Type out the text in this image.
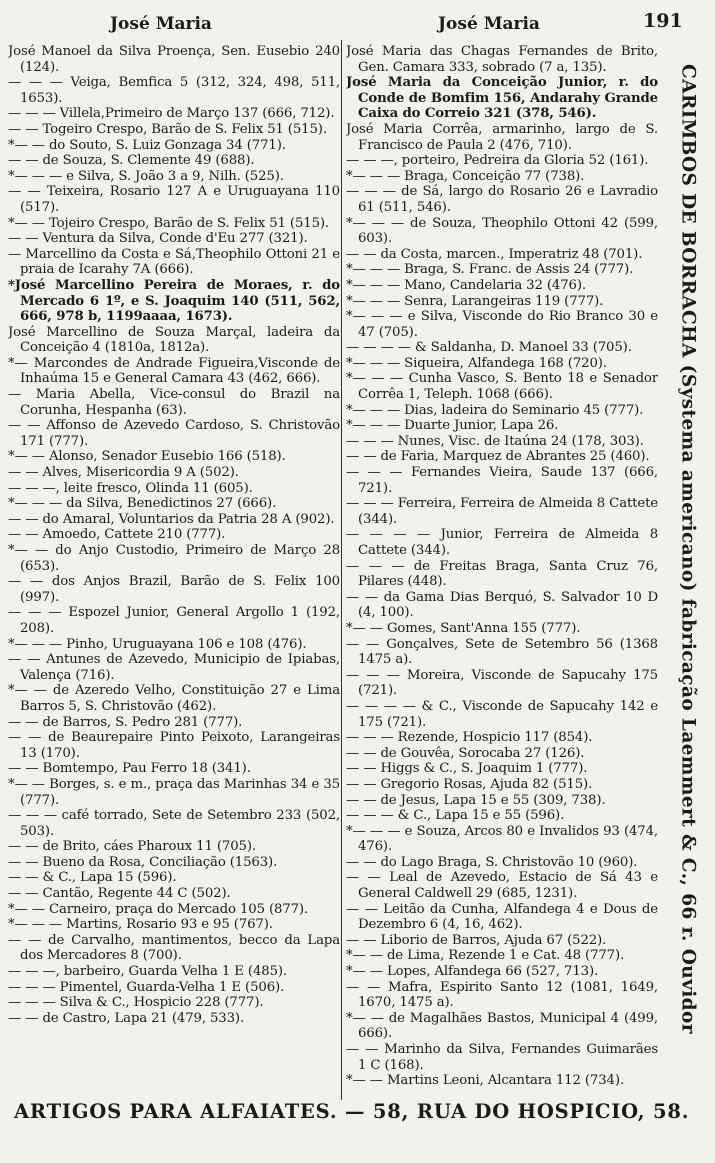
José Maria	José Maria	191

José Manoel da Silva Proença, Sen. Eusebio 240 (124).

— — — Veiga, Bemfica 5 (312, 324, 498, 511, 1653).

— — — Villela,Primeiro de Março 137 (666, 712).

— — Togeiro Crespo, Barão de S. Felix 51 (515).

*— — do Souto, S. Luiz Gonzaga 34 (771).

— — de Souza, S. Clemente 49 (688).

*— — — e Silva, S. João 3 a 9, Nilh. (525).

— — Teixeira, Rosario 127 A e Uruguayana 110 (517).

*— — Tojeiro Crespo, Barão de S. Felix 51 (515).

— — Ventura da Silva, Conde d'Eu 277 (321).

— Marcellino da Costa e Sá,Theophilo Ottoni 21 e praia de Icarahy 7A (666).

*José Marcellino Pereira de Moraes, r. do Mercado 6 1º, e S. Joaquim 140 (511, 562, 666, 978 b, 1199aaaa, 1673).

José Marcellino de Souza Marçal, ladeira da Conceição 4 (1810a, 1812a).

*— Marcondes de Andrade Figueira,Visconde de Inhaúma 15 e General Camara 43 (462, 666).

— Maria Abella, Vice-consul do Brazil na Corunha, Hespanha (63).

— — Affonso de Azevedo Cardoso, S. Christovão 171 (777).

*— — Alonso, Senador Eusebio 166 (518).

— — Alves, Misericordia 9 A (502).

— — —, leite fresco, Olinda 11 (605).

*— — — da Silva, Benedictinos 27 (666).

— — do Amaral, Voluntarios da Patria 28 A (902).

— — Amoedo, Cattete 210 (777).

*— — do Anjo Custodio, Primeiro de Março 28 (653).

— — dos Anjos Brazil, Barão de S. Felix 100 (997).

— — — Espozel Junior, General Argollo 1 (192, 208).

*— — — Pinho, Uruguayana 106 e 108 (476).

— — Antunes de Azevedo, Municipio de Ipiabas, Valença (716).

*— — de Azeredo Velho, Constituição 27 e Lima Barros 5, S. Christovão (462).

— — de Barros, S. Pedro 281 (777).

— — de Beaurepaire Pinto Peixoto, Larangeiras 13 (170).

— — Bomtempo, Pau Ferro 18 (341).

*— — Borges, s. e m., praça das Marinhas 34 e 35 (777).

— — — café torrado, Sete de Setembro 233 (502, 503).

— — de Brito, cáes Pharoux 11 (705).

— — Bueno da Rosa, Conciliação (1563).

— — & C., Lapa 15 (596).

— — Cantão, Regente 44 C (502).

*— — Carneiro, praça do Mercado 105 (877).

*— — — Martins, Rosario 93 e 95 (767).

— — de Carvalho, mantimentos, becco da Lapa dos Mercadores 8 (700).

— — —, barbeiro, Guarda Velha 1 E (485).

— — — Pimentel, Guarda-Velha 1 E (506).

— — — Silva & C., Hospicio 228 (777).

— — de Castro, Lapa 21 (479, 533).

José Maria das Chagas Fernandes de Brito, Gen. Camara 333, sobrado (7 a, 135).

José Maria da Conceição Junior, r. do Conde de Bomfim 156, Andarahy Grande Caixa do Correio 321 (378, 546).

José Maria Corrêa, armarinho, largo de S. Francisco de Paula 2 (476, 710).

— — —, porteiro, Pedreira da Gloria 52 (161).

*— — — Braga, Conceição 77 (738).

— — — de Sá, largo do Rosario 26 e Lavradio 61 (511, 546).

*— — — de Souza, Theophilo Ottoni 42 (599, 603).

— — da Costa, marcen., Imperatriz 48 (701).

*— — — Braga, S. Franc. de Assis 24 (777).

*— — — Mano, Candelaria 32 (476).

*— — — Senra, Larangeiras 119 (777).

*— — — e Silva, Visconde do Rio Branco 30 e 47 (705).

— — — — & Saldanha, D. Manoel 33 (705).

*— — — Siqueira, Alfandega 168 (720).

*— — — Cunha Vasco, S. Bento 18 e Senador Corrêa 1, Teleph. 1068 (666).

*— — — Dias, ladeira do Seminario 45 (777).

*— — — Duarte Junior, Lapa 26.

— — — Nunes, Visc. de Itaúna 24 (178, 303).

— — de Faria, Marquez de Abrantes 25 (460).

— — — Fernandes Vieira, Saude 137 (666, 721).

— — — Ferreira, Ferreira de Almeida 8 Cattete (344).

— — — — Junior, Ferreira de Almeida 8 Cattete (344).

— — — de Freitas Braga, Santa Cruz 76, Pilares (448).

— — da Gama Dias Berquó, S. Salvador 10 D (4, 100).

*— — Gomes, Sant'Anna 155 (777).

— — Gonçalves, Sete de Setembro 56 (1368 1475 a).

— — — Moreira, Visconde de Sapucahy 175 (721).

— — — — & C., Visconde de Sapucahy 142 e 175 (721).

— — — Rezende, Hospicio 117 (854).

— — de Gouvêa, Sorocaba 27 (126).

— — Higgs & C., S. Joaquim 1 (777).

— — Gregorio Rosas, Ajuda 82 (515).

— — de Jesus, Lapa 15 e 55 (309, 738).

— — — & C., Lapa 15 e 55 (596).

*— — — e Souza, Arcos 80 e Invalidos 93 (474, 476).

— — do Lago Braga, S. Christovão 10 (960).

— — Leal de Azevedo, Estacio de Sá 43 e General Caldwell 29 (685, 1231).

— — Leitão da Cunha, Alfandega 4 e Dous de Dezembro 6 (4, 16, 462).

— — Liborio de Barros, Ajuda 67 (522).

*— — de Lima, Rezende 1 e Cat. 48 (777).

*— — Lopes, Alfandega 66 (527, 713).

— — Mafra, Espirito Santo 12 (1081, 1649, 1670, 1475 a).

*— — de Magalhães Bastos, Municipal 4 (499, 666).

— — Marinho da Silva, Fernandes Guimarães 1 C (168).

*— — Martins Leoni, Alcantara 112 (734).

CARIMBOS DE BORRACHA (Systema americano) fabricação Laemmert & C., 66 r. Ouvidor
ARTIGOS PARA ALFAIATES. — 58, RUA DO HOSPICIO, 58.
